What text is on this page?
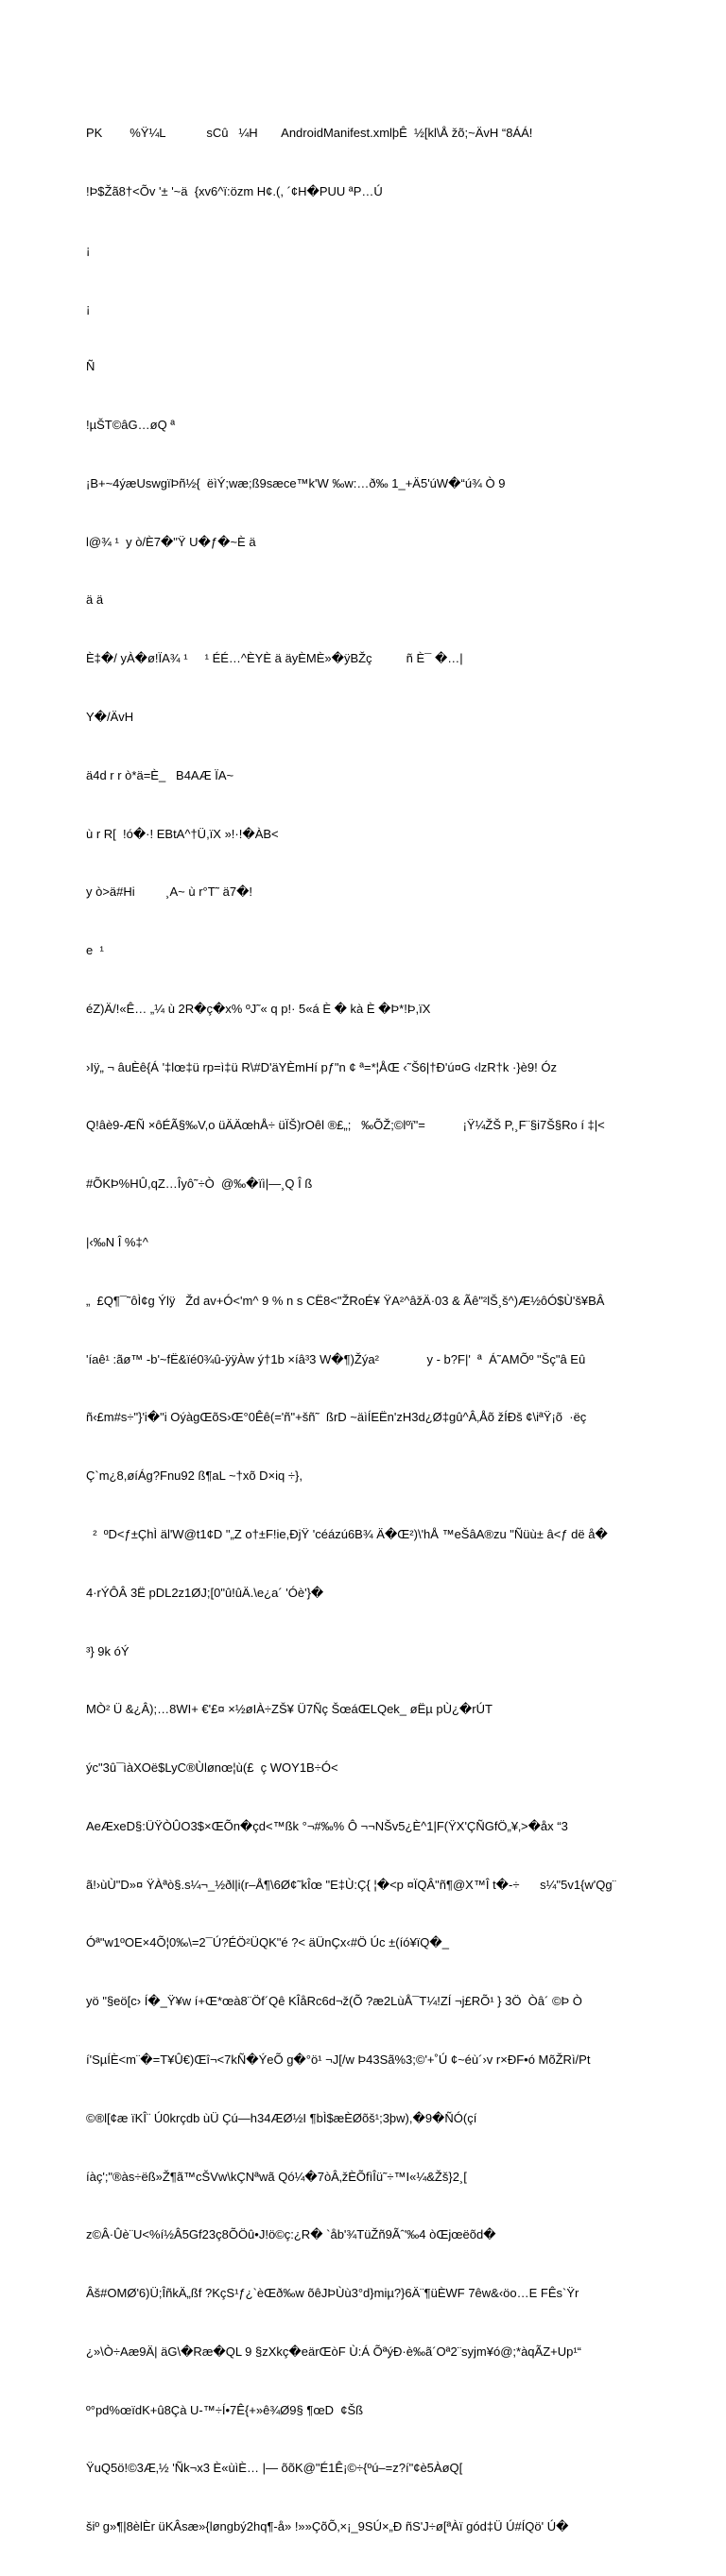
PK        %Ÿ¼L            sCû   ¼H       AndroidManifest.xmlþÊ  ½[kl\Å žõ;~ÄvH “8ÁÁ!

!Þ$Žã8†<Õv '± '~ä  {xv6^ï:özm H¢.(, ´¢H�PUU ªP…Ú

¡

¡

Ñ

!µŠT©âG…øQ ª

¡B+~4ýæUswgïÞñ½{  ëìÝ;wæ;ß9sæce™k'W ‰w:…ð‰ 1_+Ä5'úW�“ú¾ Ò 9

l@¾ ¹  y ò/È7�"Ÿ U�ƒ�~È ä

ä ä

È‡�/ yÀ�ø!ÏA¾ ¹     ¹ ÉÉ…^ÈYÈ ä äyÈMÈ»�ÿBŽç          ñ È¯ �…|

Y�/ÄvH

ä4d r r ò*ä=È_   B4AÆ ÏA~

ù r R[  !ó�·! EBtA^†Ü,ïX »!·!�ÀB<

y ò>ä#Hi         ¸A~ ù r°T˜ ä7�!

e  ¹

éZ)Ä/!«Ê… „¼ ù 2R�ç�x% ºJ˜« q p!· 5«á È � kà È �Þ*!Þ,ïX

›Iÿ„ ¬ âuÈê{Á '‡lœ‡ü rp=ì‡ü R\#D'äYÈmHí pƒ"n ¢ ª=*¦ÅŒ ‹˜Š6|†Ð'ú¤G ‹lzR†k ·}è9! Óz

Q!âè9-ÆÑ ×ôÉÃ§‰V,o üÄÄœhÅ÷ üÏŠ)rOêl ®£„;   ‰ÕŽ;©lºï"=           ¡Ÿ¼ŽŠ P,¸F¨§i7Š§Ro í ‡|<

#ÕKÞ%HÛ,qZ…Îyô˜÷Ò  @‰�ïì|—¸Q Î ß

|‹‰N Î %‡^

„  £Q¶¯˜ôÌ¢g Ýlÿ   Žd av+Ó<'m^ 9 % n s CË8<"ŽRoÉ¥ ŸA²^âžÄ·03 & Ãê"²lŠ¸š^)Æ½ôÓ$Ù'š¥BÂ

'íaê¹ :ãø™ -b'~fË&ïé0¾û-ÿÿÀw ý†1b ×íâ³3 W�¶)Žýa²              y - b?F|'  ª  Á˜AMÕº "Šç"â Eû

ñ‹£m#s÷"}'i�"i OýàgŒõS›Œ°0Êê(='ñ"+šñ˜  ßrD ~äìÍEËn'zH3d¿Ø‡gû^Â‚Åõ žÍÐš ¢\iªŸ¡õ  ·ëç

Ç`m¿8,øíÁg?Fnu92 ß¶aL ~†xõ D×iq ÷},

²  ºD<ƒ±ÇhÌ äl'W@t1¢D "„Z o†±F!ie,ÐjŸ 'céázú6B¾ Ä�Œ²)\'hÅ ™eŠâA®zu "Ñüù± â<ƒ dë å�

4·rÝÔÂ 3Ë pDL2z1ØJ;[0"û!ûÄ.\e¿a´ 'Óè'}�

³} 9k óÝ

MÒ² Ü &¿Â);…8WI+ €'£¤ ×½øIÀ÷ZŠ¥ Ü7Ñç ŠœáŒLQek_ øËµ pÙ¿�rÚT

ýc"3û¯ìàXOë$LyC®Ùlønœ¦ù(£  ç WOY1B÷Ó<

AeÆxeD§:ÜŸÒÛO3$×ŒÕn�çd<™ßk °¬#‰% Ô ¬¬NŠv5¿È^1|F(ŸX'ÇÑGfÖ„¥‚>�åx “3

ã!›ùÙ"D»¤ ŸÀªò§.s¼¬_½ðl|i(r–Å¶\6Ø¢˜kÎœ "E‡Ù:Ç{ ¦�<p ¤ÏQÂ"ñ¶@X™Î t�-÷      s¼"5v1{w'Qg¨

Óª"w1ºOE×4Õ¦0‰\=2¯Ú?ÉÖ²ÜQK"é ?< äÜnÇx‹#Ö Úc ±(íó¥ïQ�_

yö "§eö[c› Í�_Ÿ¥w í+Œ*œà8¨Öf´Qê KÎåRc6d¬ž(Õ ?æ2LùÅ¯T¼!ZÍ ¬j£RÕ¹ } 3Ö  Òâ´ ©Þ Ò

í'SµÍÈ<m¨�=T¥Û€)Œî¬<7kÑ�ÝeÕ g�°ö¹ ¬J[/w Þ43Sã%3;©'+˚Ú ¢~éù´›v r×ÐF•ó MõŽRì/Pt

©®l[¢æ ïKÎ¨ Ú0krçdb ùÜ Çú—h34ÆØ½I ¶bÌ$æÈØõš¹;3þw),�9�ÑÓ(çí

íàç';"®às÷ëß»Ž¶ã™cŠVw\kÇNªwã Qó¼�7òÂ‚žÈÕfìÎü˜÷™I«¼&Žš}2¸[

z©Â·Ûè¨U<%í½Â5Gf23ç8ÕÖû•J!ö©ç:¿R� `åb'¾TüŽñ9Ãˆ'‰4 òŒjœëõd�

Âš#OMØ'6)Ü;ÎñkÄ„ßf ?KçS¹ƒ¿`èŒð‰w õêJÞÙù3°d}miµ?}6Ä¨¶üÈWF 7êw&‹öo…E FÊs`Ÿr

¿»\Ò÷Aæ9Ä| äG\�Ræ�QL 9 §zXkç�eärŒòF Ù:Á ÕªýÐ·è‰ã´Oª2¨syjm¥ó@;*àqÃZ+Up¹“

º°pd%œïdK+û8Çà U-™÷Í•7Ê{+»ê¾Ø9§ ¶œD  ¢Šß

ŸuQ5ö!©3Æ‚½ 'Ñk¬x3 È«ùìÈ… |— õõK@"É1Ê¡©÷{ºú–=z?í"¢è5ÀøQ[

šiº g»¶|8èlÈr üKÂsæ»{løngbý2hq¶-å» !»»ÇõÕ‚×¡_9SÚ×„Ð ñS'J÷ø[ªÀï gód‡Ü Ú#ÍQö' Ú�
